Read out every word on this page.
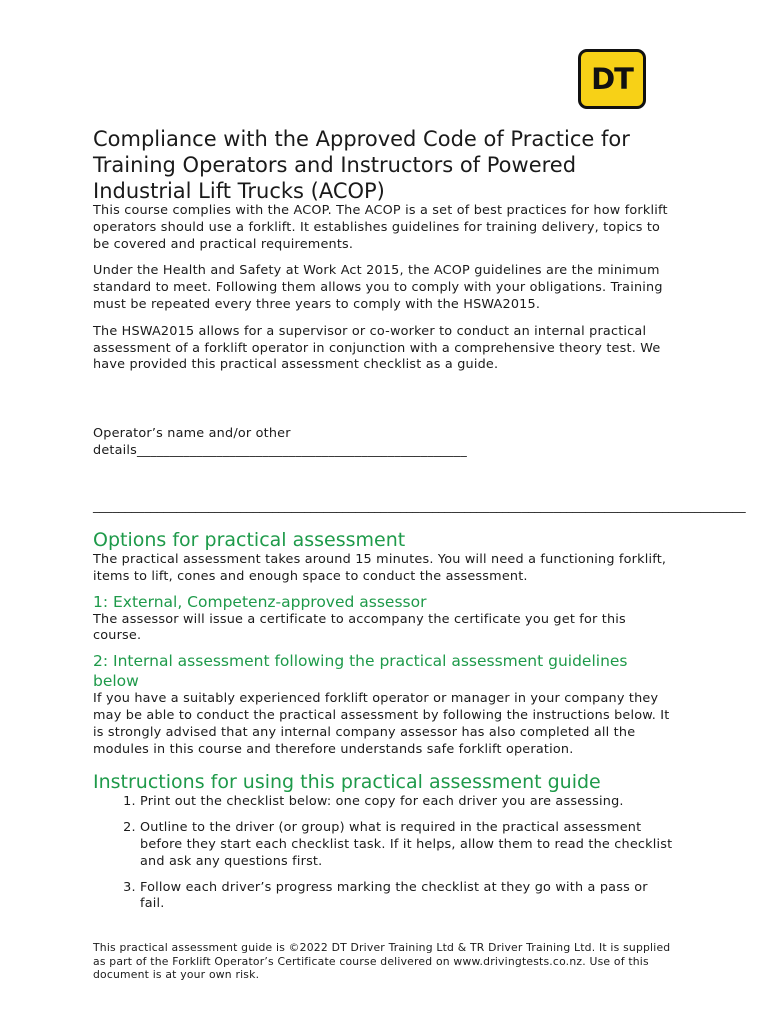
DT
Compliance with the Approved Code of Practice for Training Operators and Instructors of Powered Industrial Lift Trucks (ACOP)

This course complies with the ACOP. The ACOP is a set of best practices for how forklift operators should use a forklift. It establishes guidelines for training delivery, topics to be covered and practical requirements.

Under the Health and Safety at Work Act 2015, the ACOP guidelines are the minimum standard to meet. Following them allows you to comply with your obligations. Training must be repeated every three years to comply with the HSWA2015.

The HSWA2015 allows for a supervisor or co-worker to conduct an internal practical assessment of a forklift operator in conjunction with a comprehensive theory test. We have provided this practical assessment checklist as a guide.

Operator’s name and/or other

details__________________________________________________

______________________________________________________________________________________________________
Options for practical assessment

The practical assessment takes around 15 minutes. You will need a functioning forklift, items to lift, cones and enough space to conduct the assessment.

1: External, Competenz-approved assessor

The assessor will issue a certificate to accompany the certificate you get for this course.

2: Internal assessment following the practical assessment guidelines below

If you have a suitably experienced forklift operator or manager in your company they may be able to conduct the practical assessment by following the instructions below. It is strongly advised that any internal company assessor has also completed all the modules in this course and therefore understands safe forklift operation.

Instructions for using this practical assessment guide
1. Print out the checklist below: one copy for each driver you are assessing.
2. Outline to the driver (or group) what is required in the practical assessment before they start each checklist task. If it helps, allow them to read the checklist and ask any questions first.
3. Follow each driver’s progress marking the checklist at they go with a pass or fail.
This practical assessment guide is ©2022 DT Driver Training Ltd & TR Driver Training Ltd. It is supplied as part of the Forklift Operator’s Certificate course delivered on www.drivingtests.co.nz. Use of this document is at your own risk.
